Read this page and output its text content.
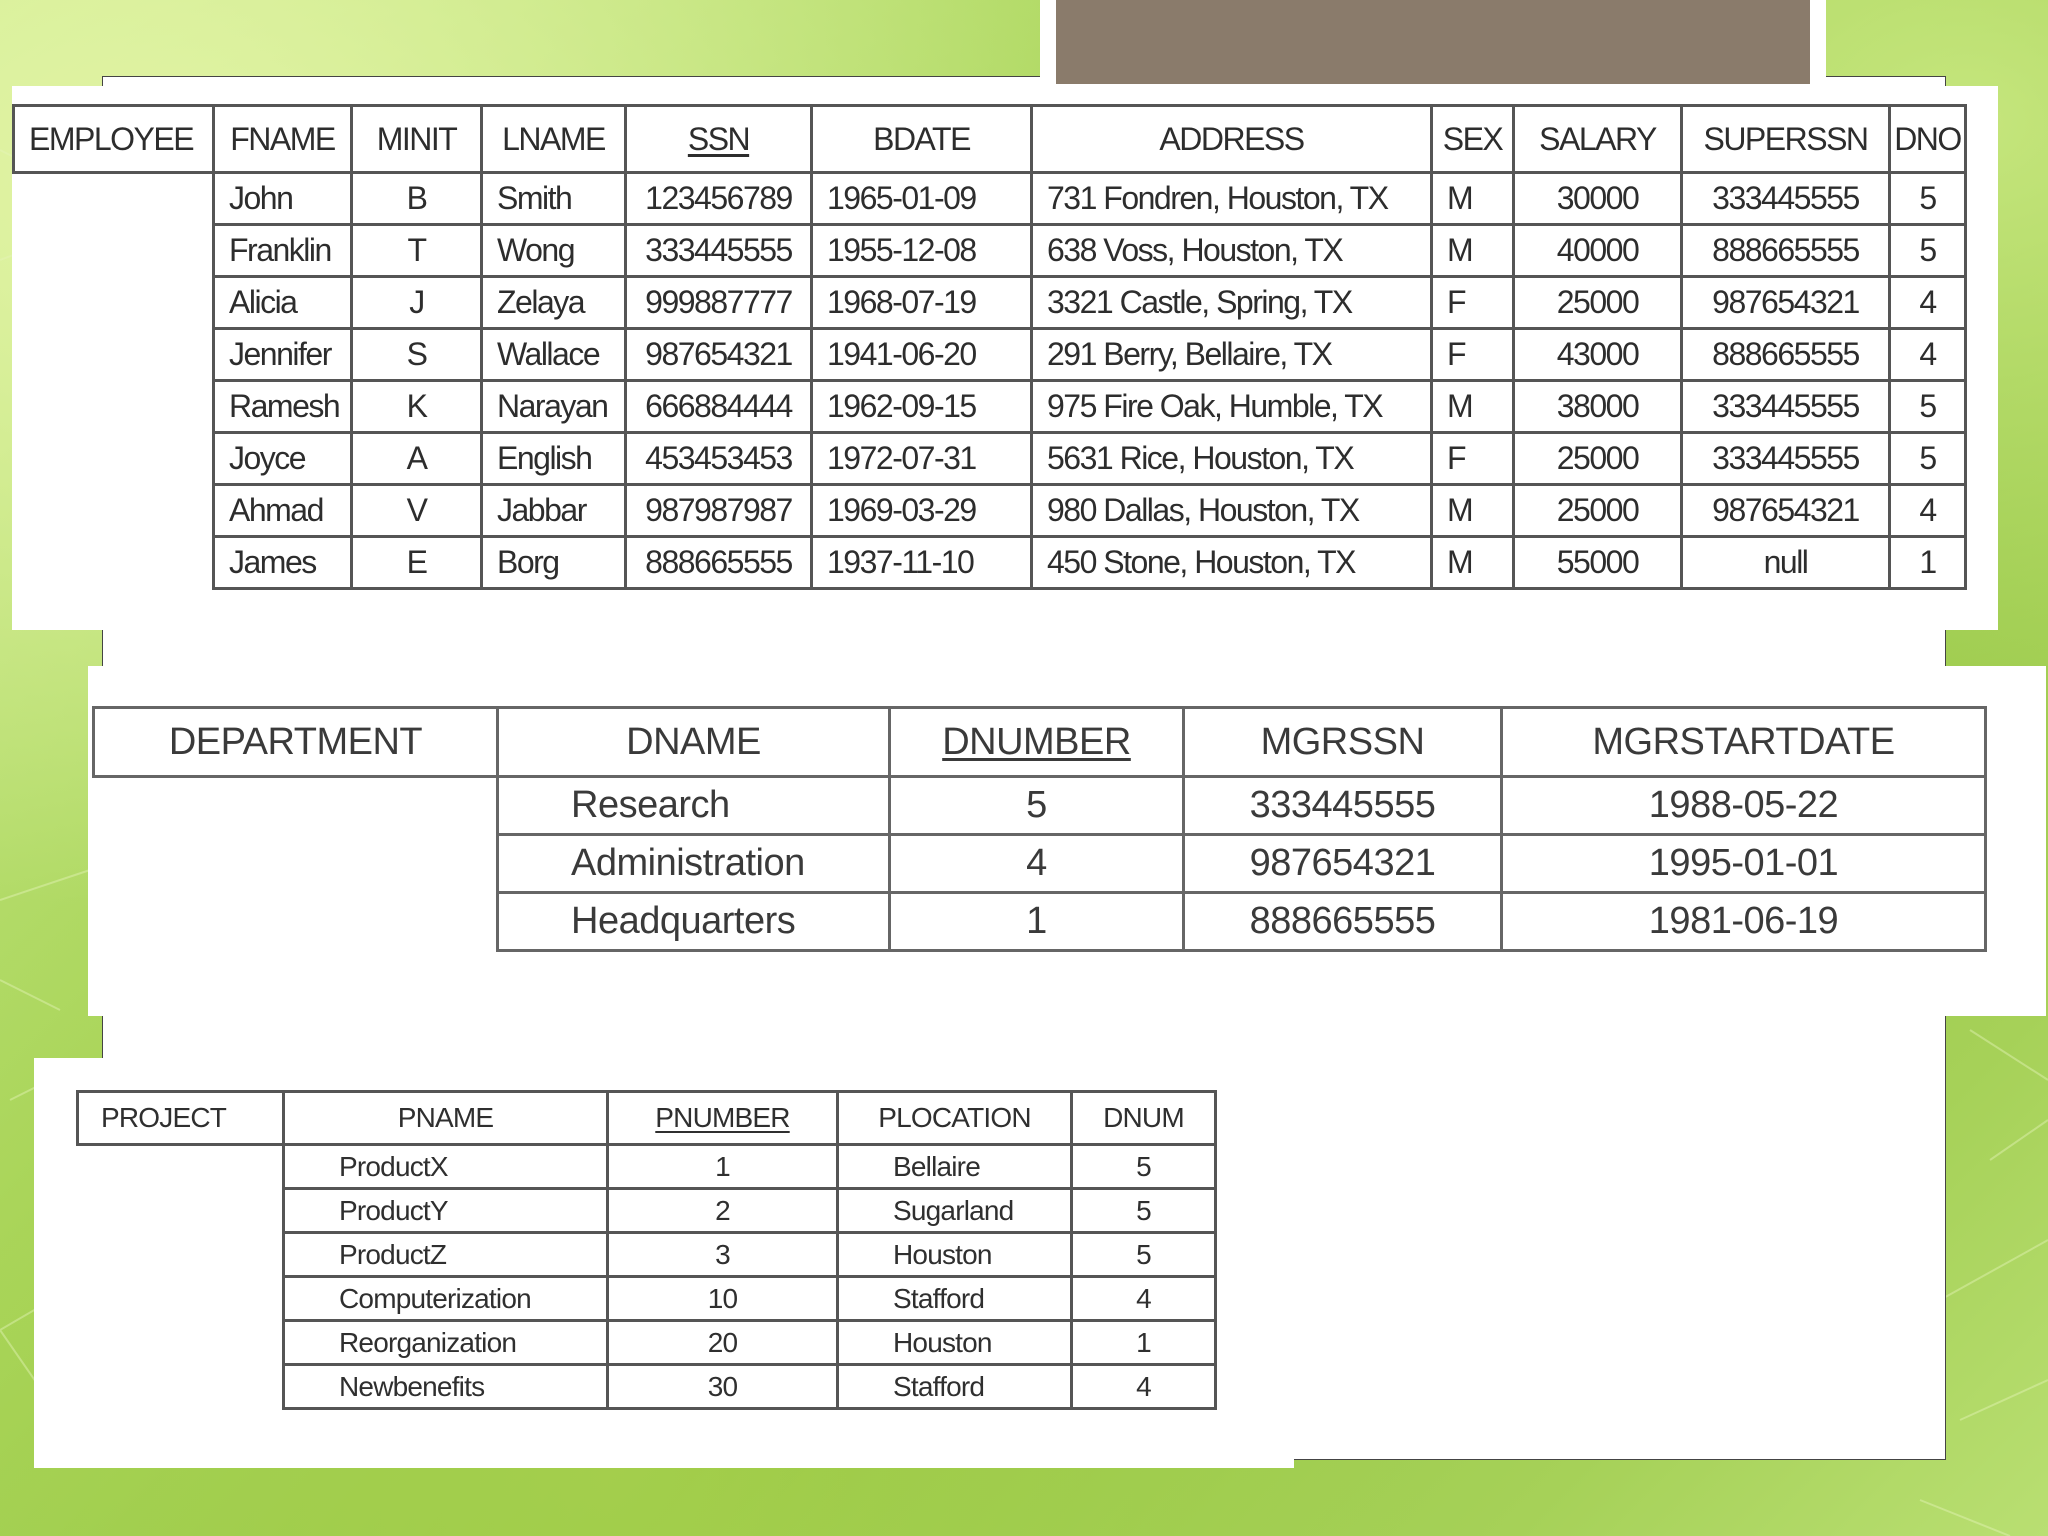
EMPLOYEE	FNAME	MINIT	LNAME	SSN	BDATE	ADDRESS	SEX	SALARY	SUPERSSN	DNO
	John	B	Smith	123456789	1965-01-09	731 Fondren, Houston, TX	M	30000	333445555	5
	Franklin	T	Wong	333445555	1955-12-08	638 Voss, Houston, TX	M	40000	888665555	5
	Alicia	J	Zelaya	999887777	1968-07-19	3321 Castle, Spring, TX	F	25000	987654321	4
	Jennifer	S	Wallace	987654321	1941-06-20	291 Berry, Bellaire, TX	F	43000	888665555	4
	Ramesh	K	Narayan	666884444	1962-09-15	975 Fire Oak, Humble, TX	M	38000	333445555	5
	Joyce	A	English	453453453	1972-07-31	5631 Rice, Houston, TX	F	25000	333445555	5
	Ahmad	V	Jabbar	987987987	1969-03-29	980 Dallas, Houston, TX	M	25000	987654321	4
	James	E	Borg	888665555	1937-11-10	450 Stone, Houston, TX	M	55000	null	1
DEPARTMENT	DNAME	DNUMBER	MGRSSN	MGRSTARTDATE
	Research	5	333445555	1988-05-22
	Administration	4	987654321	1995-01-01
	Headquarters	1	888665555	1981-06-19
PROJECT	PNAME	PNUMBER	PLOCATION	DNUM
	ProductX	1	Bellaire	5
	ProductY	2	Sugarland	5
	ProductZ	3	Houston	5
	Computerization	10	Stafford	4
	Reorganization	20	Houston	1
	Newbenefits	30	Stafford	4
